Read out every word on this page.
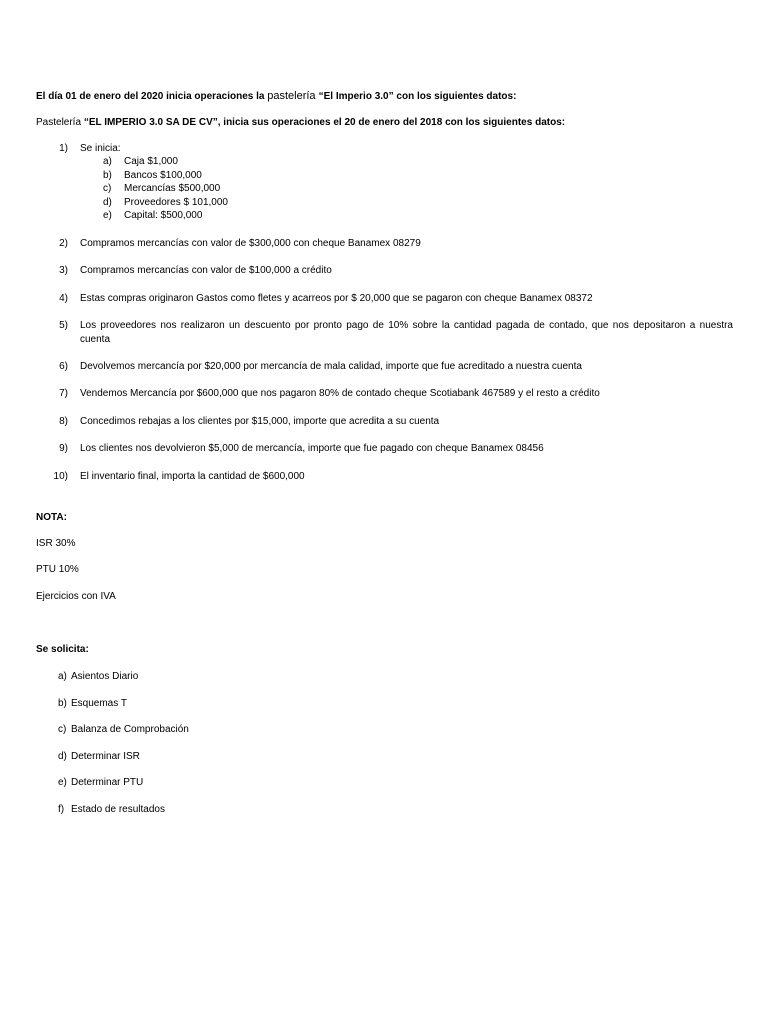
El día 01 de enero del 2020 inicia operaciones la pastelería “El Imperio 3.0” con los siguientes datos:
Pastelería “EL IMPERIO 3.0 SA DE CV”, inicia sus operaciones el 20 de enero del 2018 con los siguientes datos:
1) Se inicia:
a) Caja $1,000
b) Bancos $100,000
c) Mercancías $500,000
d) Proveedores $ 101,000
e) Capital: $500,000
2) Compramos mercancías con valor de $300,000 con cheque Banamex 08279
3) Compramos mercancías con valor de $100,000 a crédito
4) Estas compras originaron Gastos como fletes y acarreos por $ 20,000 que se pagaron con cheque Banamex 08372
5) Los proveedores nos realizaron un descuento por pronto pago de 10% sobre la cantidad pagada de contado, que nos depositaron a nuestra cuenta
6) Devolvemos mercancía por $20,000 por mercancía de mala calidad, importe que fue acreditado a nuestra cuenta
7) Vendemos Mercancía por $600,000 que nos pagaron 80% de contado cheque Scotiabank 467589 y el resto a crédito
8) Concedimos rebajas a los clientes por $15,000, importe que acredita a su cuenta
9) Los clientes nos devolvieron $5,000 de mercancía, importe que fue pagado con cheque Banamex 08456
10) El inventario final, importa la cantidad de $600,000
NOTA:
ISR 30%
PTU 10%
Ejercicios con IVA
Se solicita:
a) Asientos Diario
b) Esquemas T
c) Balanza de Comprobación
d) Determinar ISR
e) Determinar PTU
f) Estado de resultados
